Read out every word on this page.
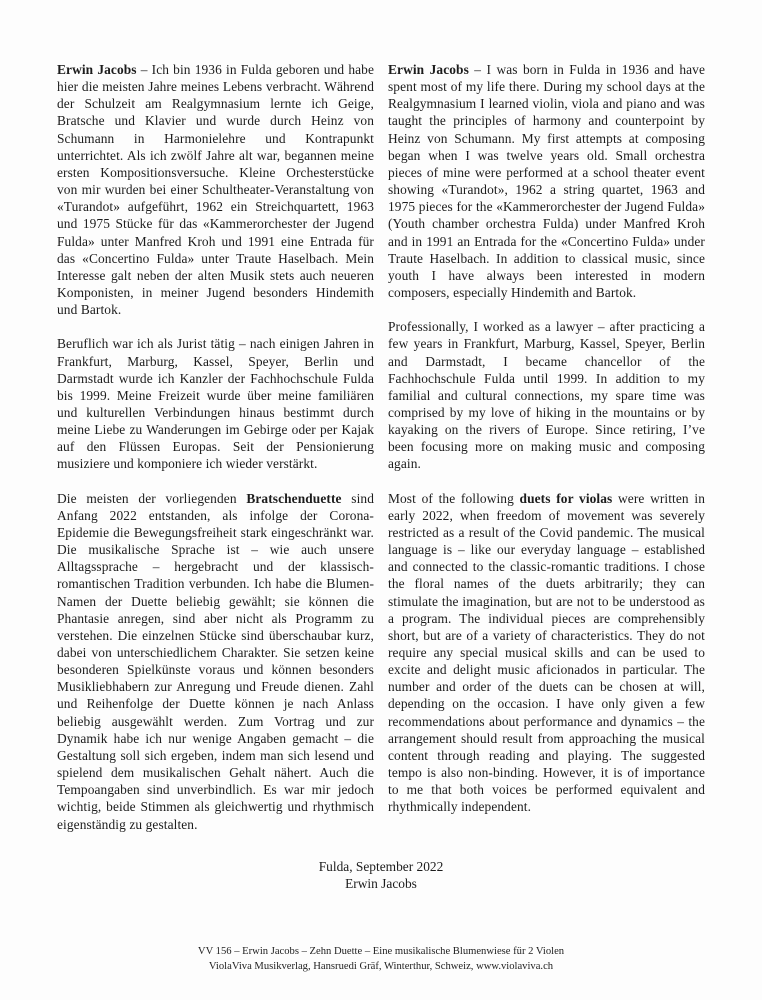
Erwin Jacobs – Ich bin 1936 in Fulda geboren und habe hier die meisten Jahre meines Lebens verbracht. Während der Schulzeit am Realgymnasium lernte ich Geige, Bratsche und Klavier und wurde durch Heinz von Schumann in Harmonielehre und Kontrapunkt unterrichtet. Als ich zwölf Jahre alt war, begannen meine ersten Kompositionsversuche. Kleine Orchesterstücke von mir wurden bei einer Schultheater-Veranstaltung von «Turandot» aufgeführt, 1962 ein Streichquartett, 1963 und 1975 Stücke für das «Kammerorchester der Jugend Fulda» unter Manfred Kroh und 1991 eine Entrada für das «Concertino Fulda» unter Traute Haselbach. Mein Interesse galt neben der alten Musik stets auch neueren Komponisten, in meiner Jugend besonders Hindemith und Bartok.

Beruflich war ich als Jurist tätig – nach einigen Jahren in Frankfurt, Marburg, Kassel, Speyer, Berlin und Darmstadt wurde ich Kanzler der Fachhochschule Fulda bis 1999. Meine Freizeit wurde über meine familiären und kulturellen Verbindungen hinaus bestimmt durch meine Liebe zu Wanderungen im Gebirge oder per Kajak auf den Flüssen Europas. Seit der Pensionierung musiziere und komponiere ich wieder verstärkt.

Die meisten der vorliegenden Bratschenduette sind Anfang 2022 entstanden, als infolge der Corona-Epidemie die Bewegungsfreiheit stark eingeschränkt war. Die musikalische Sprache ist – wie auch unsere Alltagssprache – hergebracht und der klassisch-romantischen Tradition verbunden. Ich habe die Blumen-Namen der Duette beliebig gewählt; sie können die Phantasie anregen, sind aber nicht als Programm zu verstehen. Die einzelnen Stücke sind überschaubar kurz, dabei von unterschiedlichem Charakter. Sie setzen keine besonderen Spielkünste voraus und können besonders Musikliebhabern zur Anregung und Freude dienen. Zahl und Reihenfolge der Duette können je nach Anlass beliebig ausgewählt werden. Zum Vortrag und zur Dynamik habe ich nur wenige Angaben gemacht – die Gestaltung soll sich ergeben, indem man sich lesend und spielend dem musikalischen Gehalt nähert. Auch die Tempoangaben sind unverbindlich. Es war mir jedoch wichtig, beide Stimmen als gleichwertig und rhythmisch eigenständig zu gestalten.

Erwin Jacobs – I was born in Fulda in 1936 and have spent most of my life there. During my school days at the Realgymnasium I learned violin, viola and piano and was taught the principles of harmony and counterpoint by Heinz von Schumann. My first attempts at composing began when I was twelve years old. Small orchestra pieces of mine were performed at a school theater event showing «Turandot», 1962 a string quartet, 1963 and 1975 pieces for the «Kammerorchester der Jugend Fulda» (Youth chamber orchestra Fulda) under Manfred Kroh and in 1991 an Entrada for the «Concertino Fulda» under Traute Haselbach. In addition to classical music, since youth I have always been interested in modern composers, especially Hindemith and Bartok.

Professionally, I worked as a lawyer – after practicing a few years in Frankfurt, Marburg, Kassel, Speyer, Berlin and Darmstadt, I became chancellor of the Fachhochschule Fulda until 1999. In addition to my familial and cultural connections, my spare time was comprised by my love of hiking in the mountains or by kayaking on the rivers of Europe. Since retiring, I’ve been focusing more on making music and composing again.

Most of the following duets for violas were written in early 2022, when freedom of movement was severely restricted as a result of the Covid pandemic. The musical language is – like our everyday language – established and connected to the classic-romantic traditions. I chose the floral names of the duets arbitrarily; they can stimulate the imagination, but are not to be understood as a program. The individual pieces are comprehensibly short, but are of a variety of characteristics. They do not require any special musical skills and can be used to excite and delight music aficionados in particular. The number and order of the duets can be chosen at will, depending on the occasion. I have only given a few recommendations about performance and dynamics – the arrangement should result from approaching the musical content through reading and playing. The suggested tempo is also non-binding. However, it is of importance to me that both voices be performed equivalent and rhythmically independent.

Fulda, September 2022
Erwin Jacobs
VV 156 – Erwin Jacobs – Zehn Duette – Eine musikalische Blumenwiese für 2 Violen
ViolaViva Musikverlag, Hansruedi Gräf, Winterthur, Schweiz, www.violaviva.ch
